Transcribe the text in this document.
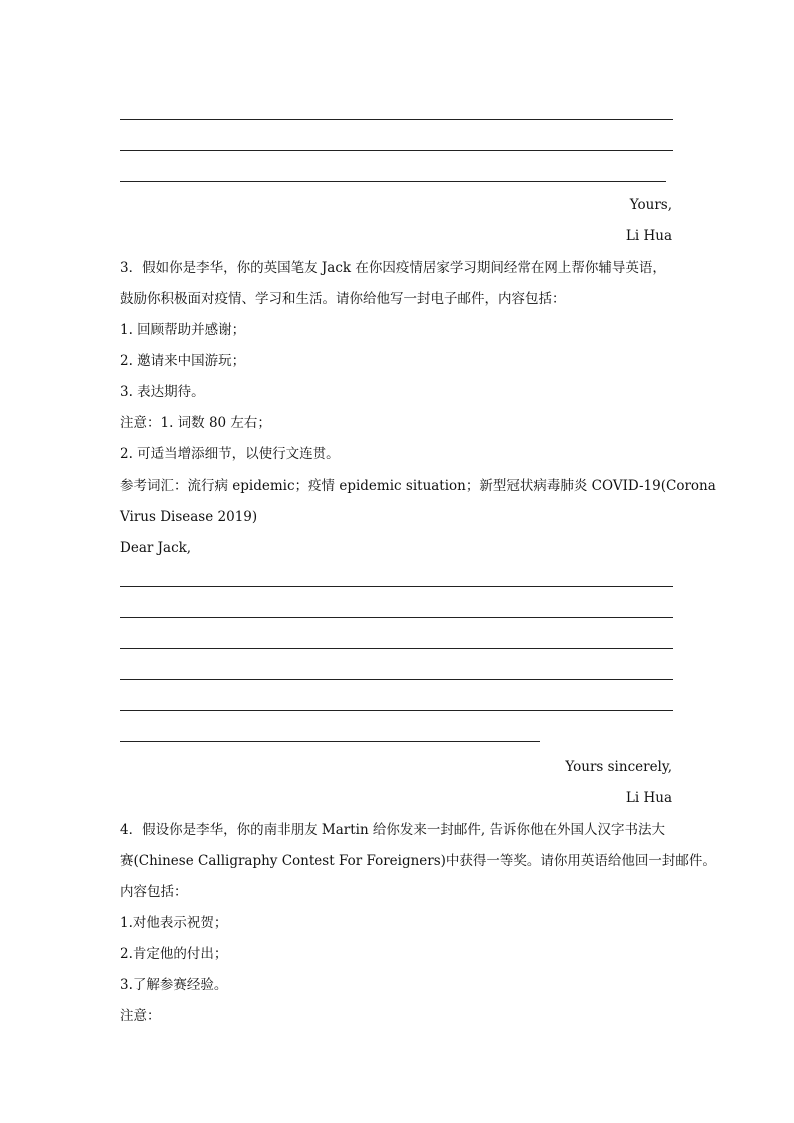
Yours,
Li Hua
3．假如你是李华，你的英国笔友 Jack 在你因疫情居家学习期间经常在网上帮你辅导英语，
鼓励你积极面对疫情、学习和生活。请你给他写一封电子邮件，内容包括：
1. 回顾帮助并感谢；
2. 邀请来中国游玩；
3. 表达期待。
注意：1. 词数 80 左右；
2. 可适当增添细节，以使行文连贯。
参考词汇：流行病 epidemic；疫情 epidemic situation；新型冠状病毒肺炎 COVID-19(Corona
Virus Disease 2019)
Dear Jack,
Yours sincerely,
Li Hua
4．假设你是李华，你的南非朋友 Martin 给你发来一封邮件, 告诉你他在外国人汉字书法大
赛(Chinese Calligraphy Contest For Foreigners)中获得一等奖。请你用英语给他回一封邮件。
内容包括：
1.对他表示祝贺；
2.肯定他的付出；
3.了解参赛经验。
注意：
